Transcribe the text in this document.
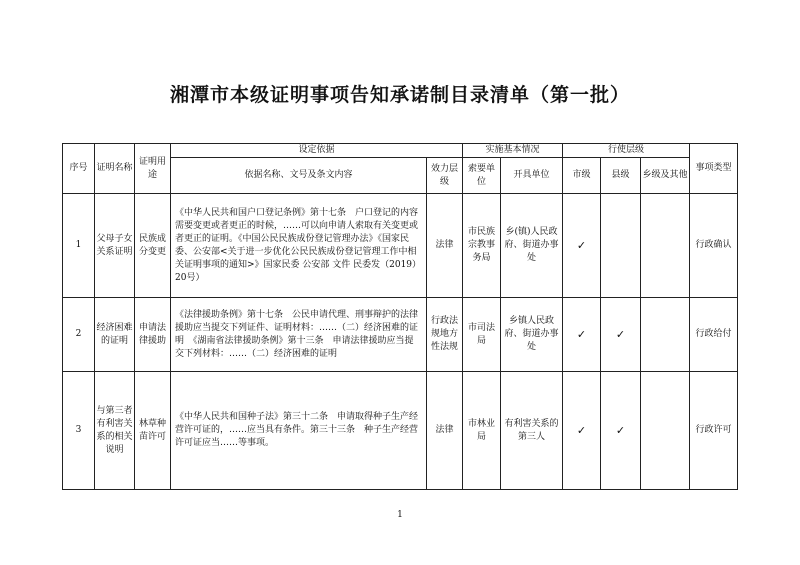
湘潭市本级证明事项告知承诺制目录清单（第一批）
序号	证明名称	证明用途	设定依据		实施基本情况		行使层级			事项类型
			依据名称、文号及条文内容	效力层级	索要单位	开具单位	市级	县级	乡级及其他	
1	父母子女关系证明	民族成分变更	《中华人民共和国户口登记条例》第十七条　户口登记的内容需要变更或者更正的时候，……可以向申请人索取有关变更或者更正的证明。《中国公民民族成份登记管理办法》《国家民委、公安部<关于进一步优化公民民族成份登记管理工作中相关证明事项的通知>》国家民委 公安部 文件 民委发（2019）20号）	法律	市民族宗教事务局	乡(镇)人民政府、街道办事处	✓			行政确认
2	经济困难的证明	申请法律援助	《法律援助条例》第十七条　公民申请代理、刑事辩护的法律援助应当提交下列证件、证明材料：……（二）经济困难的证明　《湖南省法律援助条例》第十三条　申请法律援助应当提交下列材料：……（二）经济困难的证明	行政法规地方性法规	市司法局	乡镇人民政府、街道办事处	✓	✓		行政给付
3	与第三者有利害关系的相关说明	林草种苗许可	《中华人民共和国种子法》第三十二条　申请取得种子生产经营许可证的，……应当具有条件。第三十三条　种子生产经营许可证应当……等事项。	法律	市林业局	有利害关系的第三人	✓	✓		行政许可
1
